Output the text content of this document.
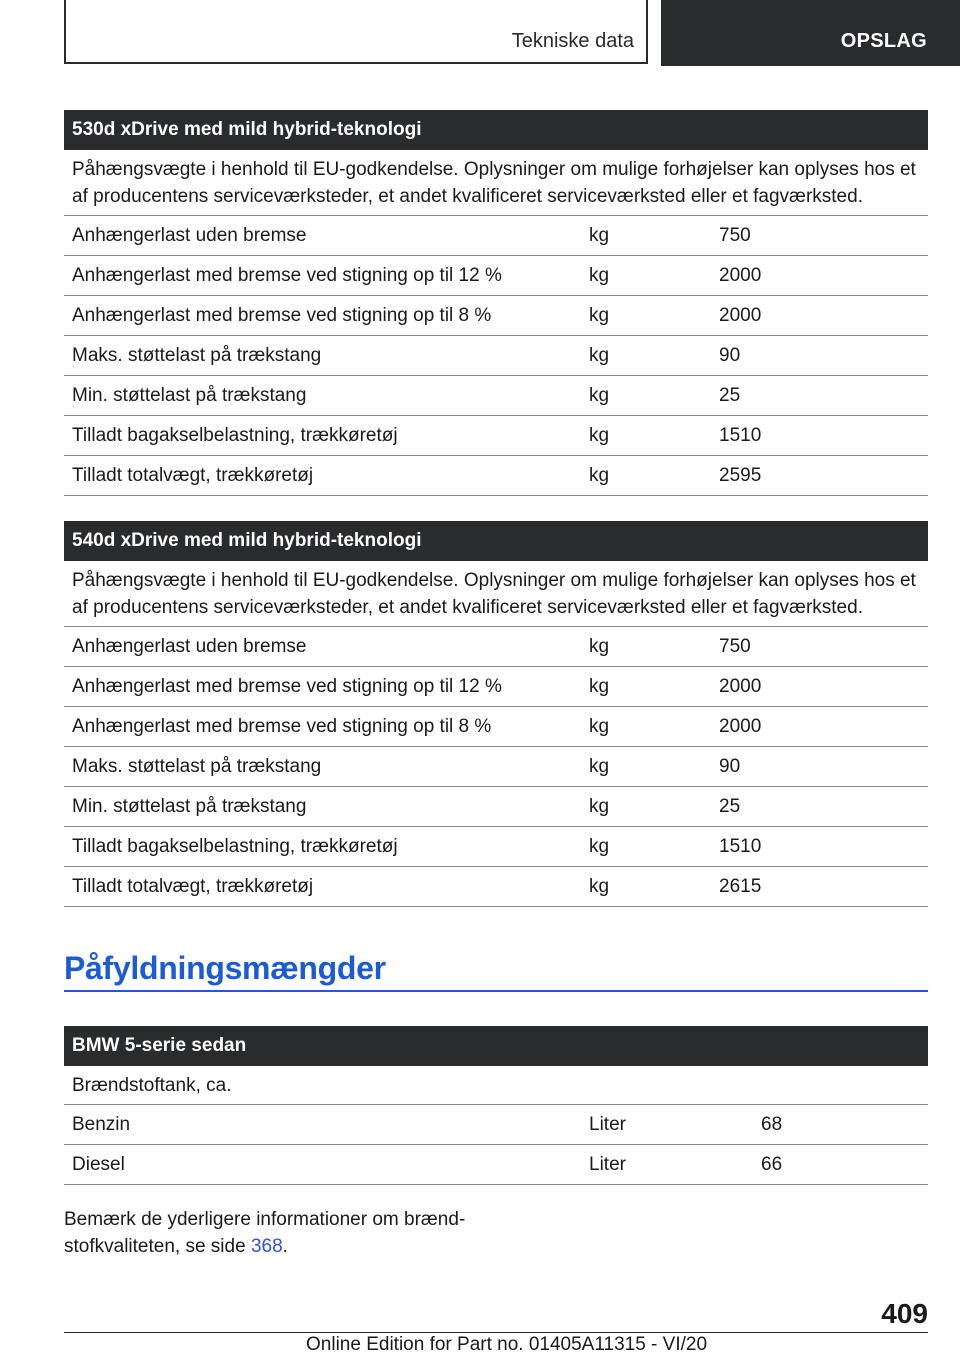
Tekniske data	OPSLAG
530d xDrive med mild hybrid-teknologi
Påhængsvægte i henhold til EU-godkendelse. Oplysninger om mulige forhøjelser kan oplyses hos et af producentens serviceværksteder, et andet kvalificeret serviceværksted eller et fagværksted.
Anhængerlast uden bremse	kg	750
Anhængerlast med bremse ved stigning op til 12 %	kg	2000
Anhængerlast med bremse ved stigning op til 8 %	kg	2000
Maks. støttelast på trækstang	kg	90
Min. støttelast på trækstang	kg	25
Tilladt bagakselbelastning, trækkøretøj	kg	1510
Tilladt totalvægt, trækkøretøj	kg	2595
540d xDrive med mild hybrid-teknologi
Påhængsvægte i henhold til EU-godkendelse. Oplysninger om mulige forhøjelser kan oplyses hos et af producentens serviceværksteder, et andet kvalificeret serviceværksted eller et fagværksted.
Anhængerlast uden bremse	kg	750
Anhængerlast med bremse ved stigning op til 12 %	kg	2000
Anhængerlast med bremse ved stigning op til 8 %	kg	2000
Maks. støttelast på trækstang	kg	90
Min. støttelast på trækstang	kg	25
Tilladt bagakselbelastning, trækkøretøj	kg	1510
Tilladt totalvægt, trækkøretøj	kg	2615
Påfyldningsmængder
BMW 5-serie sedan
Brændstoftank, ca.
Benzin	Liter	68
Diesel	Liter	66
Bemærk de yderligere informationer om brænd-stofkvaliteten, se side 368.
409
Online Edition for Part no. 01405A11315 - VI/20
